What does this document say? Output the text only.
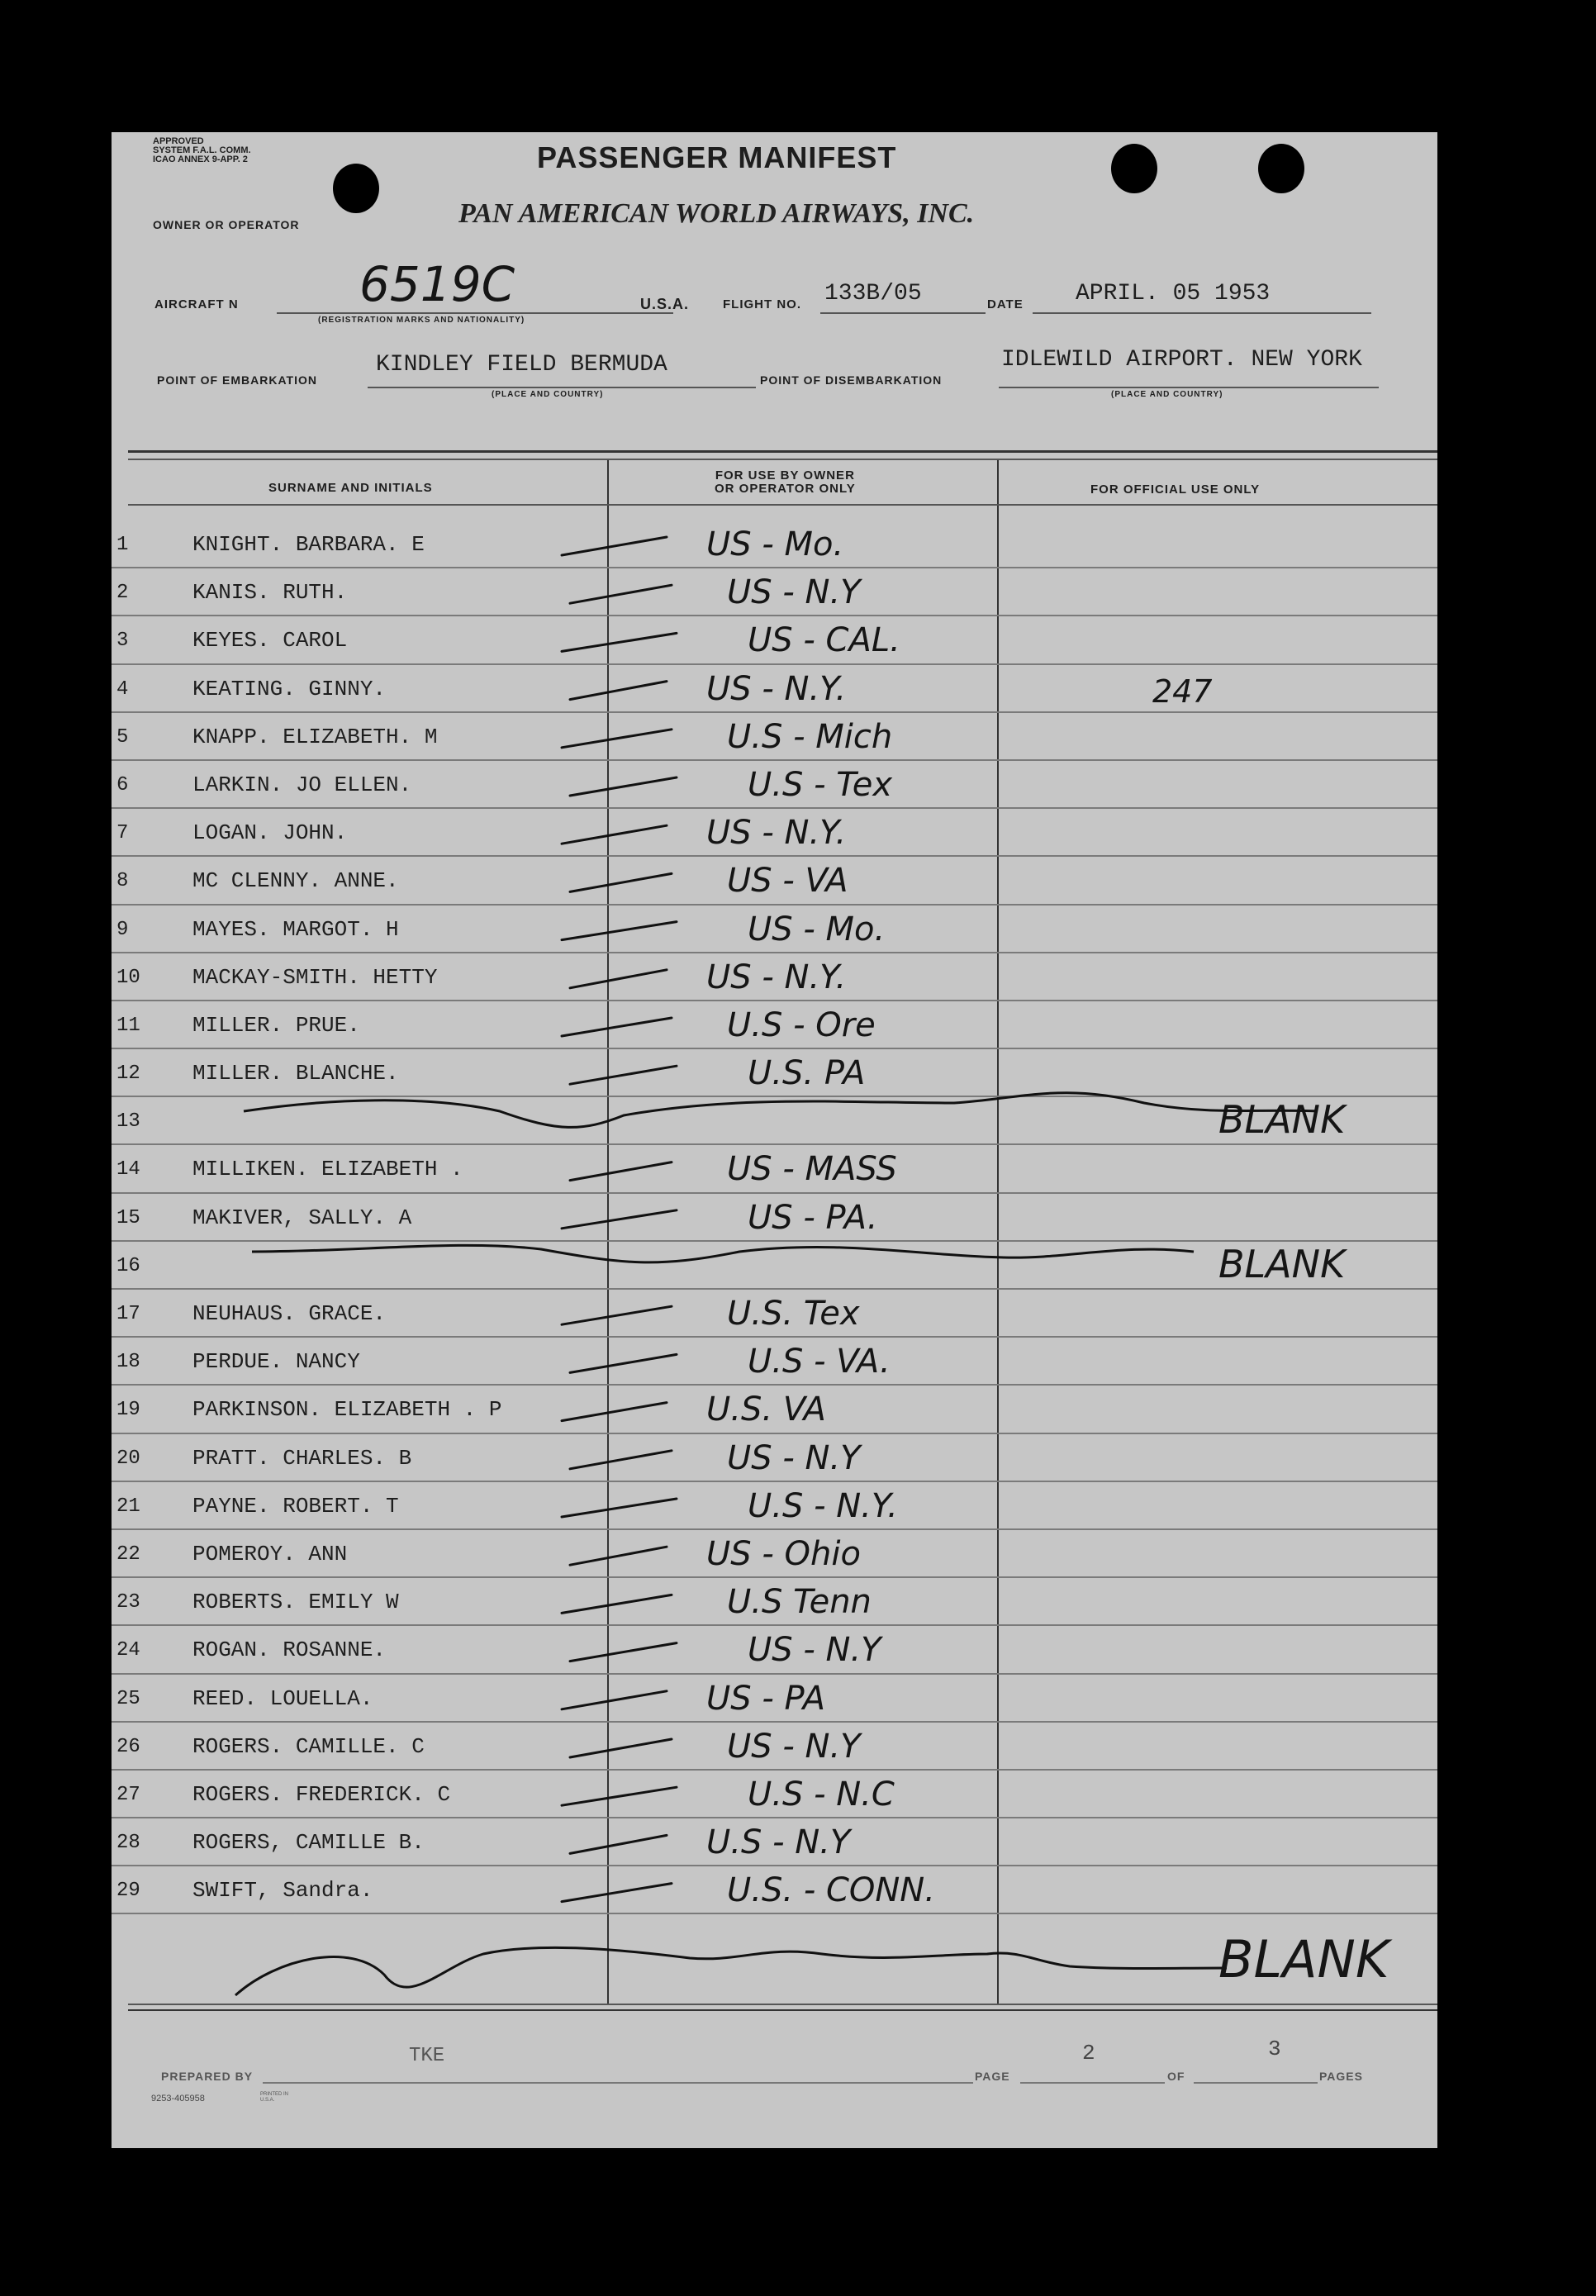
APPROVED
SYSTEM F.A.L. COMM.
ICAO ANNEX 9-APP. 2	PASSENGER MANIFEST
OWNER OR OPERATOR	PAN AMERICAN WORLD AIRWAYS, INC.
AIRCRAFT N	6519C
(REGISTRATION MARKS AND NATIONALITY)
U.S.A.	FLIGHT NO. 133B/05	DATE APRIL. 05 1953
POINT OF EMBARKATION
KINDLEY FIELD BERMUDA
(PLACE AND COUNTRY)
POINT OF DISEMBARKATION
IDLEWILD AIRPORT. NEW YORK
(PLACE AND COUNTRY)
SURNAME AND INITIALS
FOR USE BY OWNER
OR OPERATOR ONLY	FOR OFFICIAL USE ONLY
1	KNIGHT. BARBARA. E	US - Mo.
2	KANIS. RUTH.	US - N.Y
3	KEYES. CAROL	US - CAL.
4	KEATING. GINNY.	US - N.Y.	247
5	KNAPP. ELIZABETH. M	U.S - Mich
6	LARKIN. JO ELLEN.	U.S - Tex
7	LOGAN. JOHN.	US - N.Y.
8	MC CLENNY. ANNE.	US - VA
9	MAYES. MARGOT. H	US - Mo.
10 MACKAY-SMITH. HETTY	US - N.Y.
11 MILLER. PRUE.	U.S - Ore
12 MILLER. BLANCHE.	U.S. PA
13	BLANK
14 MILLIKEN. ELIZABETH .	US - MASS
15 MAKIVER, SALLY. A	US - PA.
16	BLANK
17 NEUHAUS. GRACE.	U.S. Tex
18 PERDUE. NANCY	U.S - VA.
19 PARKINSON. ELIZABETH . P	U.S. VA
20 PRATT. CHARLES. B	US - N.Y
21 PAYNE. ROBERT. T	U.S - N.Y.
22 POMEROY. ANN	US - Ohio
23 ROBERTS. EMILY W	U.S Tenn
24 ROGAN. ROSANNE.	US - N.Y
25 REED. LOUELLA.	US - PA
26 ROGERS. CAMILLE. C	US - N.Y
27 ROGERS. FREDERICK. C	U.S - N.C
28 ROGERS, CAMILLE B.	U.S - N.Y
29 SWIFT, Sandra.	U.S. - CONN.
BLANK
PREPARED BY
TKE
PAGE
2
OF
3
PAGES
9253-405958	PRINTED IN U.S.A.
